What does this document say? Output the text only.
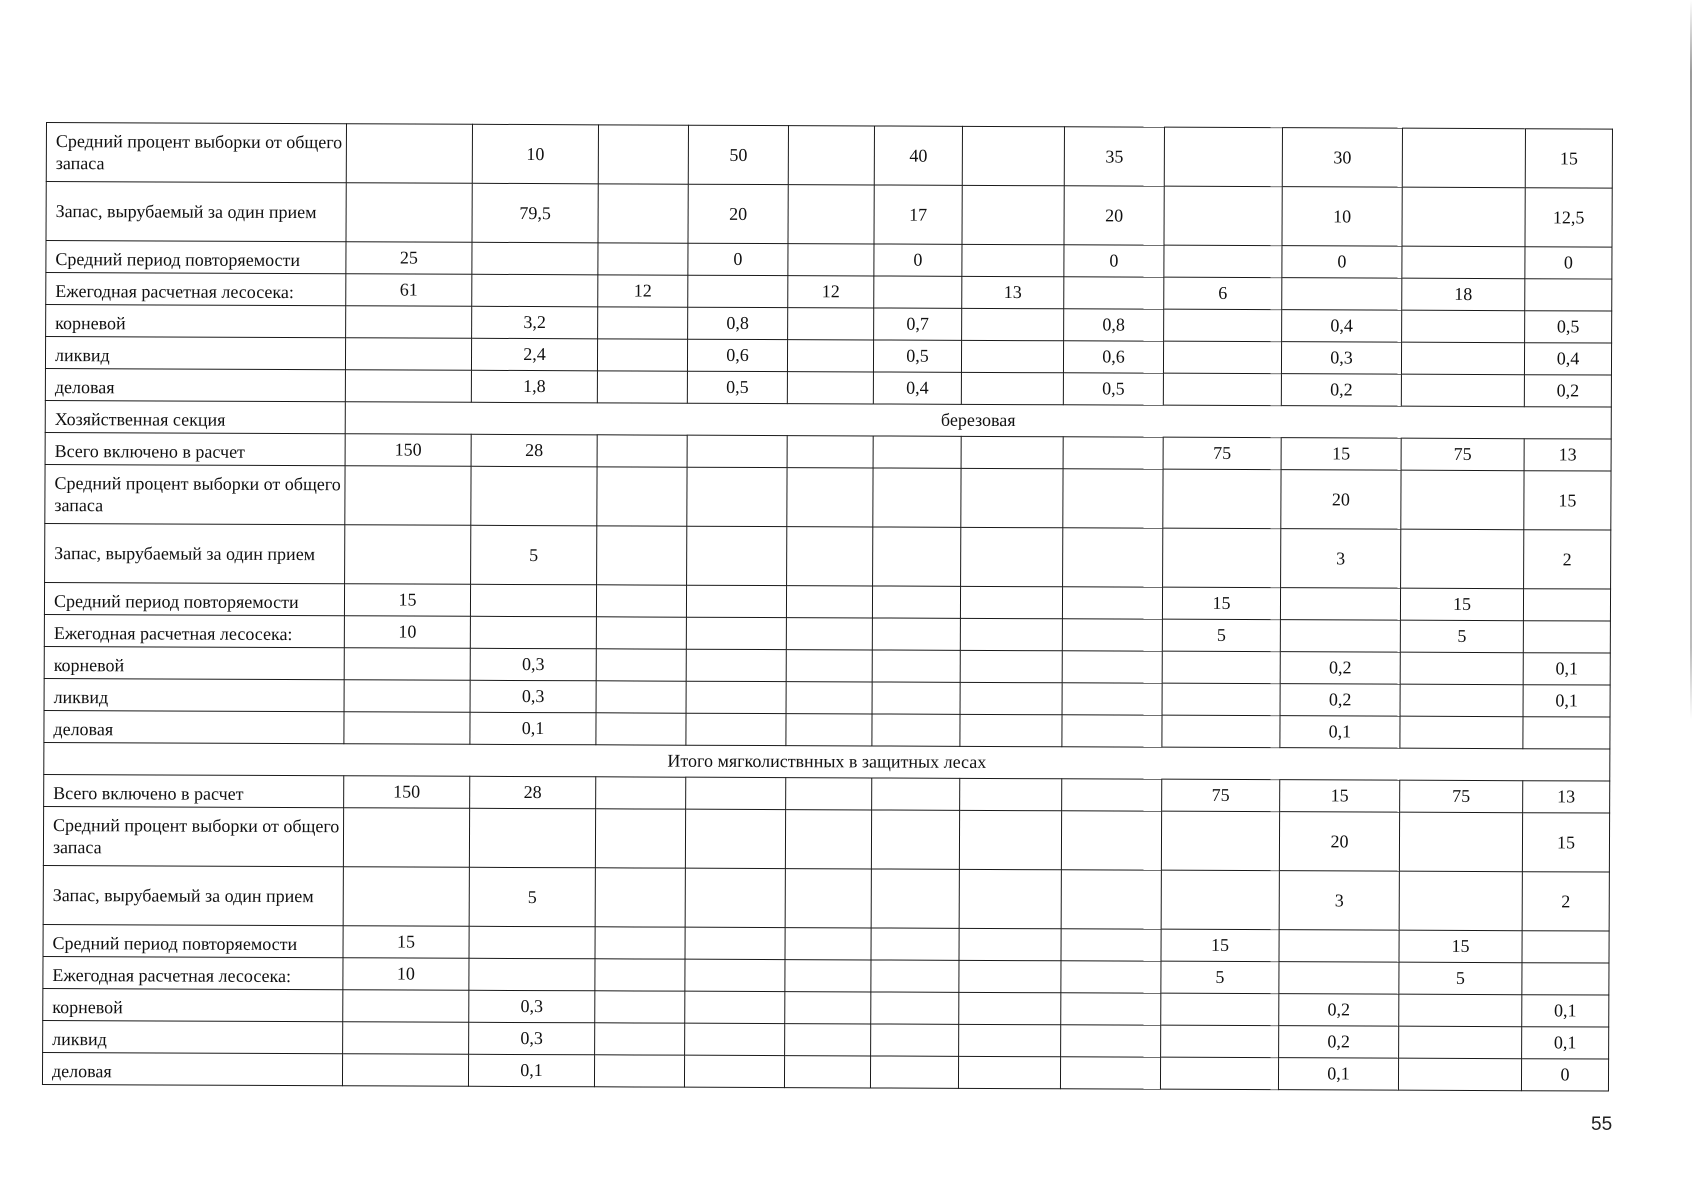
Средний процент выборки от общего запаса		10		50		40		35		30		15
Запас, вырубаемый за один прием		79,5		20		17		20		10		12,5
Средний период повторяемости	25			0		0		0		0		0
Ежегодная расчетная лесосека:	61		12		12		13		6		18	
корневой		3,2		0,8		0,7		0,8		0,4		0,5
ликвид		2,4		0,6		0,5		0,6		0,3		0,4
деловая		1,8		0,5		0,4		0,5		0,2		0,2
Хозяйственная секция	березовая											
Всего включено в расчет	150	28							75	15	75	13
Средний процент выборки от общего запаса										20		15
Запас, вырубаемый за один прием		5								3		2
Средний период повторяемости	15								15		15	
Ежегодная расчетная лесосека:	10								5		5	
корневой		0,3								0,2		0,1
ликвид		0,3								0,2		0,1
деловая		0,1								0,1		
Итого мягколиствнных в защитных лесах												
Всего включено в расчет	150	28							75	15	75	13
Средний процент выборки от общего запаса										20		15
Запас, вырубаемый за один прием		5								3		2
Средний период повторяемости	15								15		15	
Ежегодная расчетная лесосека:	10								5		5	
корневой		0,3								0,2		0,1
ликвид		0,3								0,2		0,1
деловая		0,1								0,1		0
55
